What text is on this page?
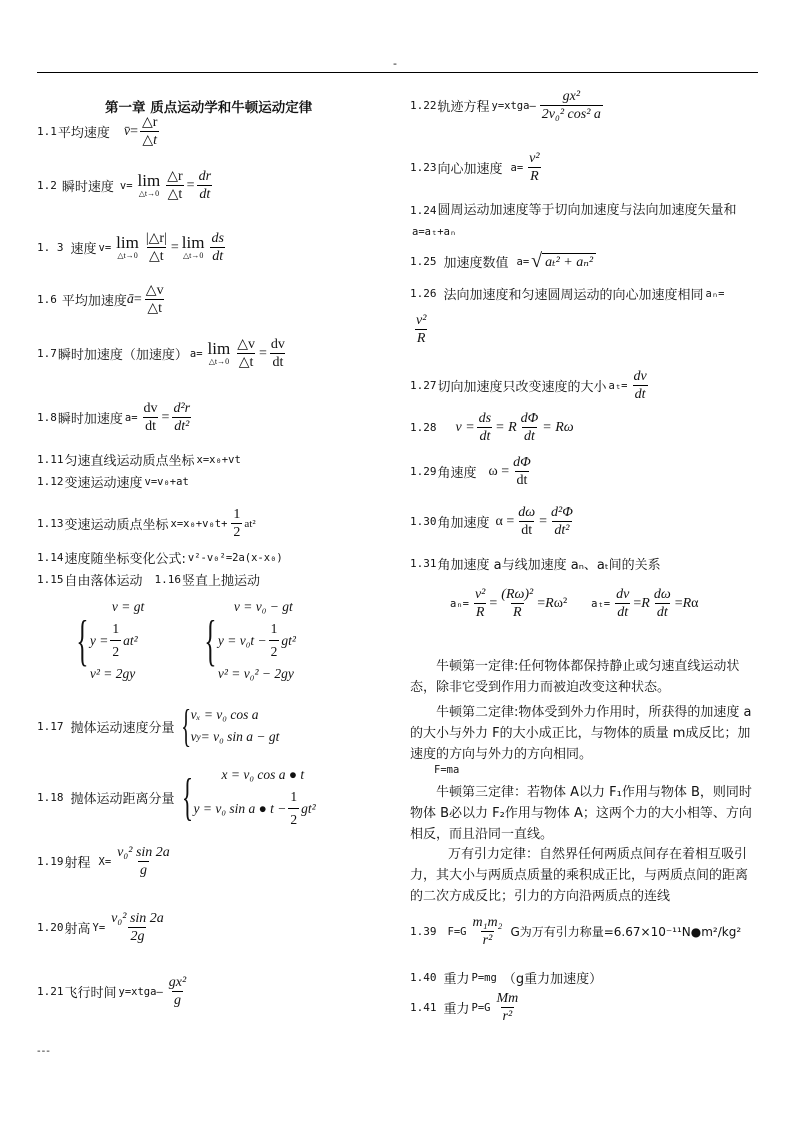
-
第一章 质点运动学和牛顿运动定律
1.1 平均速度 v̄ = $\frac{\triangle r}{\triangle t}$
1.2 瞬时速度 v= lim
△t→0 $\frac{\triangle r}{\triangle t} = \frac{dr}{dt}$
1. 3 速度 v= lim
△t→0 $\frac{|\triangle r|}{\triangle t} = \lim$
△t→0 $\frac{ds}{dt}$
1.6 平均加速度 ā = $\frac{\triangle v}{\triangle t}$
1.7 瞬时加速度（加速度） a= lim
△t→0 $\frac{\triangle v}{\triangle t} = \frac{dv}{dt}$
1.8 瞬时加速度 $a= \frac{dv}{dt} = \frac{\text{d²r}}{\text{dt²}}$
1.11 匀速直线运动质点坐标 x=x₀+vt
1.12 变速运动速度 v=v₀+at
1.13 变速运动质点坐标 $x=x_0+v_0t+ \frac{1}{2} at^2$
1.14 速度随坐标变化公式: v²-v₀²=2a(x-x₀)
1.15 自由落体运动 1.16 竖直上抛运动
{
v = gt
$y = \frac{1}{2} at^2$
v² = 2gy
{
v = v₀ − gt
$y = v_0t - \frac{1}{2} gt^2$
v² = v₀² − 2gy
1.17 抛体运动速度分量 { vₓ = v₀ cos a
v y = v₀ sin a − gt
1.18 抛体运动距离分量 {	x = v₀ cos a ● t
y = v₀ sin a ● $t - \frac{1}{2} gt^2$
1.19 射程 $X= \frac{\text{v₀² sin 2a}}{g}$
1.20 射高 $Y= \frac{\text{v₀² sin 2a}}{2g}$
1.21 飞行时间 y=xtga— $\frac{\text{gx²}}{g}$
1.22 轨迹方程 y=xtga— $\frac{\text{gx²}}{\text{2v₀² cos² a}}$
1.23 向心加速度 $a= \frac{\text{v²}}{R}$
1.24圆周运动加速度等于切向加速度与法向加速度矢量和 a=aₜ+aₙ
1.25 加速度数值 a= √ aₜ² + aₙ²
1.26 法向加速度和匀速圆周运动的向心加速度相同 aₙ=
$\frac{\text{v²}}{R}$
1.27 切向加速度只改变速度的大小 $a_t= \frac{dv}{dt}$
1.28 $v = \frac{ds}{dt} = R \frac{d\Phi}{dt} = R\omega$
1.29 角速度 $\omega = \frac{d\Phi}{dt}$
1.30 角加速度 $\alpha = \frac{d\omega}{dt} = \frac{\text{d²Φ}}{\text{dt²}}$
1.31 角加速度 a与线加速度 aₙ、aₜ间的关系
$a_n= \frac{\text{v²}}{R} = \frac{\text{(Rω)²}}{R} = R$ ω² $a_t= \frac{dv}{dt} = R \frac{d\omega}{dt} = R$ α
牛顿第一定律:任何物体都保持静止或匀速直线运动状态，除非它受到作用力而被迫改变这种状态。
牛顿第二定律:物体受到外力作用时，所获得的加速度 a的大小与外力 F的大小成正比，与物体的质量 m成反比；加速度的方向与外力的方向相同。
F=ma
牛顿第三定律：若物体 A以力 F₁作用与物体 B，则同时物体 B必以力 F₂作用与物体 A；这两个力的大小相等、方向相反，而且沿同一直线。
万有引力定律：自然界任何两质点间存在着相互吸引力，其大小与两质点质量的乘积成正比，与两质点间的距离的二次方成反比；引力的方向沿两质点的连线
1.39 $F=G \frac{\text{m₁m₂}}{\text{r²}}$ G为万有引力称量=6.67×10⁻¹¹N●m²/kg²
1.40 重力 P=mg （g重力加速度）
1.41 重力 $P=G \frac{Mm}{\text{r²}}$
---
